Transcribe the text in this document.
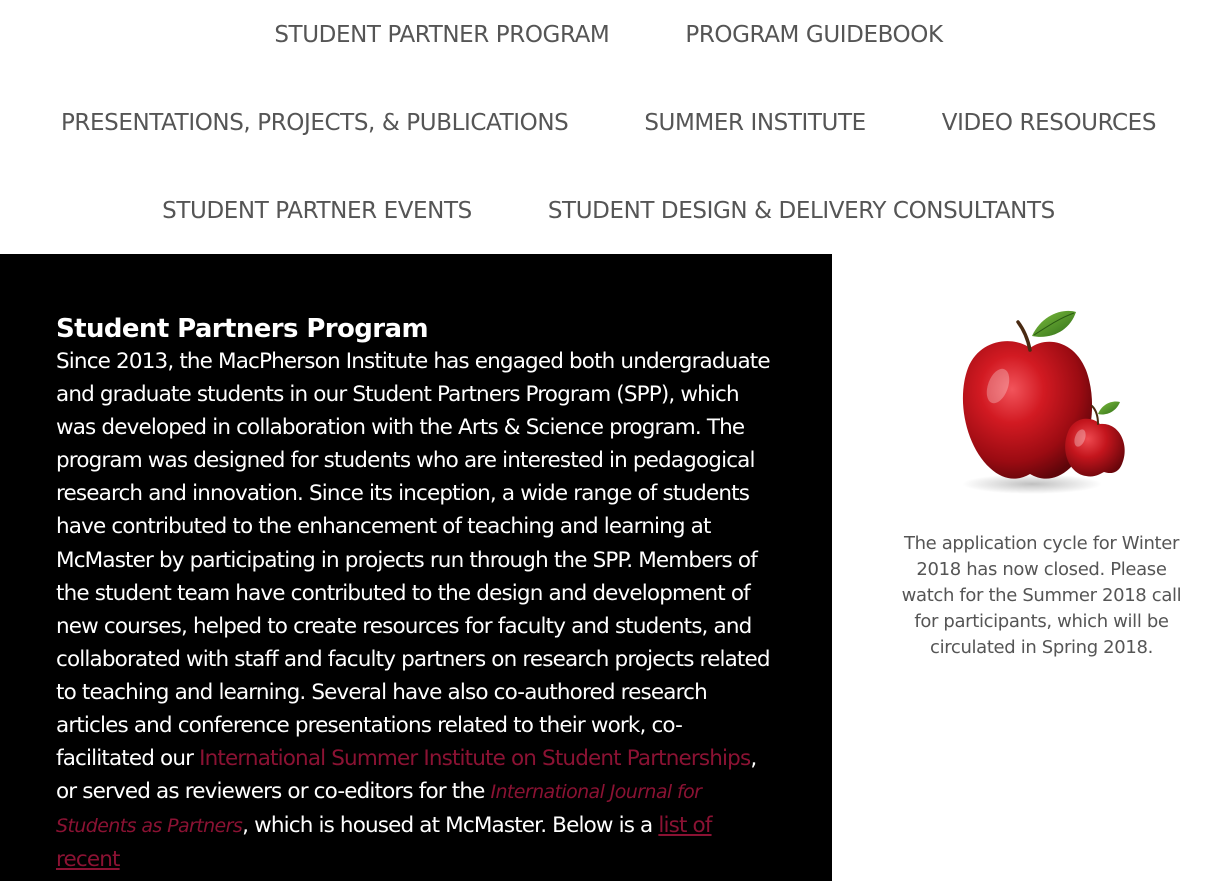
STUDENT PARTNER PROGRAM	PROGRAM GUIDEBOOK
PRESENTATIONS, PROJECTS, & PUBLICATIONS	SUMMER INSTITUTE	VIDEO RESOURCES
STUDENT PARTNER EVENTS	STUDENT DESIGN & DELIVERY CONSULTANTS
Student Partners Program

Since 2013, the MacPherson Institute has engaged both undergraduate and graduate students in our Student Partners Program (SPP), which was developed in collaboration with the Arts & Science program. The program was designed for students who are interested in pedagogical research and innovation. Since its inception, a wide range of students have contributed to the enhancement of teaching and learning at McMaster by participating in projects run through the SPP. Members of the student team have contributed to the design and development of new courses, helped to create resources for faculty and students, and collaborated with staff and faculty partners on research projects related to teaching and learning. Several have also co-authored research articles and conference presentations related to their work, co-facilitated our International Summer Institute on Student Partnerships, or served as reviewers or co-editors for the International Journal for Students as Partners, which is housed at McMaster. Below is a list of recent

The application cycle for Winter 2018 has now closed. Please watch for the Summer 2018 call for participants, which will be circulated in Spring 2018.
